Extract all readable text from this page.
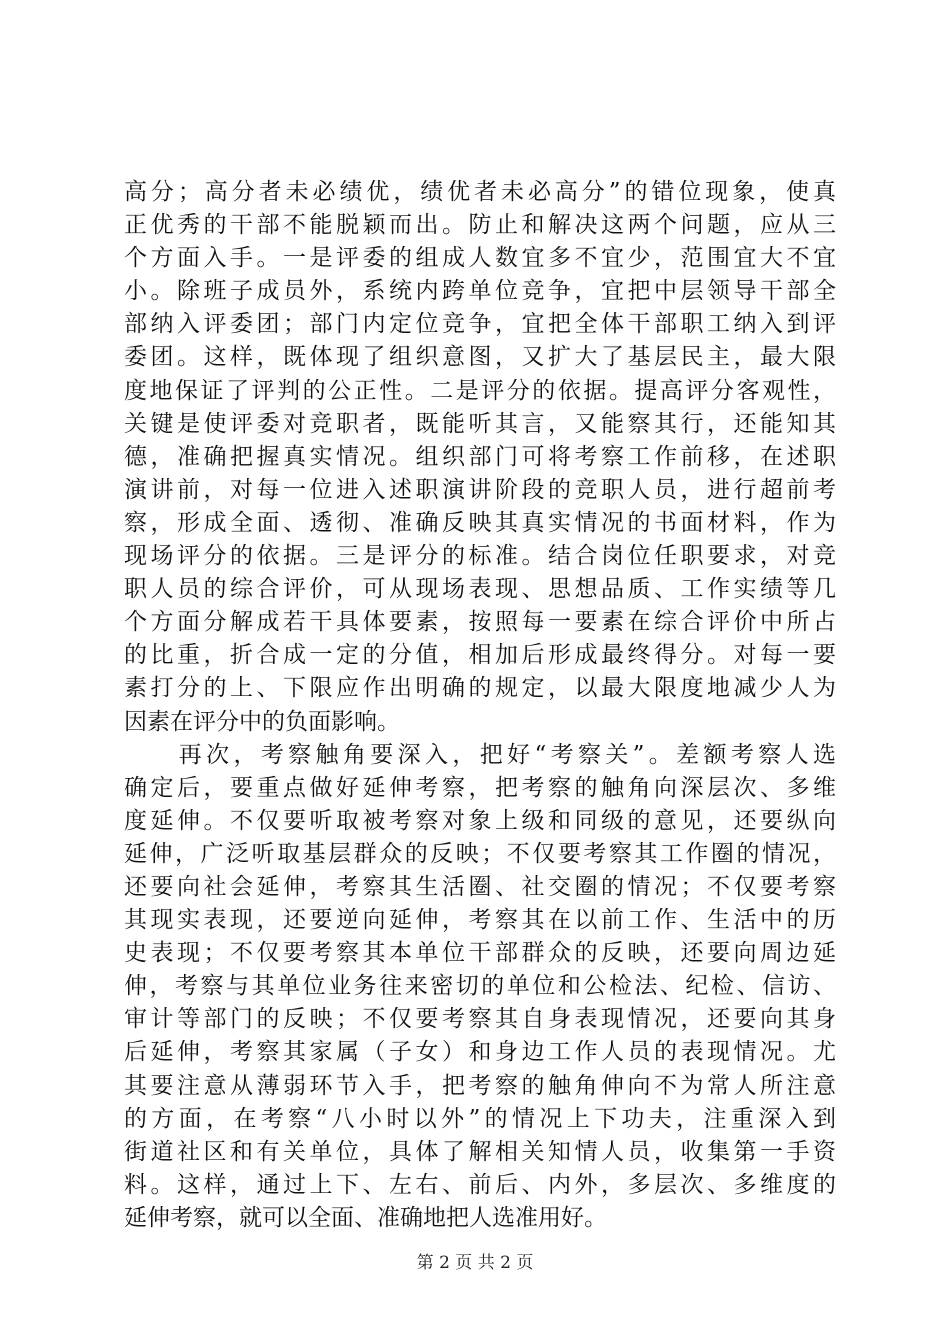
高分；高分者未必绩优，绩优者未必高分”的错位现象，使真
正优秀的干部不能脱颖而出。防止和解决这两个问题，应从三
个方面入手。一是评委的组成人数宜多不宜少，范围宜大不宜
小。除班子成员外，系统内跨单位竞争，宜把中层领导干部全
部纳入评委团；部门内定位竞争，宜把全体干部职工纳入到评
委团。这样，既体现了组织意图，又扩大了基层民主，最大限
度地保证了评判的公正性。二是评分的依据。提高评分客观性，
关键是使评委对竞职者，既能听其言，又能察其行，还能知其
德，准确把握真实情况。组织部门可将考察工作前移，在述职
演讲前，对每一位进入述职演讲阶段的竞职人员，进行超前考
察，形成全面、透彻、准确反映其真实情况的书面材料，作为
现场评分的依据。三是评分的标准。结合岗位任职要求，对竞
职人员的综合评价，可从现场表现、思想品质、工作实绩等几
个方面分解成若干具体要素，按照每一要素在综合评价中所占
的比重，折合成一定的分值，相加后形成最终得分。对每一要
素打分的上、下限应作出明确的规定，以最大限度地减少人为
因素在评分中的负面影响。
　　再次，考察触角要深入，把好“考察关”。差额考察人选
确定后，要重点做好延伸考察，把考察的触角向深层次、多维
度延伸。不仅要听取被考察对象上级和同级的意见，还要纵向
延伸，广泛听取基层群众的反映；不仅要考察其工作圈的情况，
还要向社会延伸，考察其生活圈、社交圈的情况；不仅要考察
其现实表现，还要逆向延伸，考察其在以前工作、生活中的历
史表现；不仅要考察其本单位干部群众的反映，还要向周边延
伸，考察与其单位业务往来密切的单位和公检法、纪检、信访、
审计等部门的反映；不仅要考察其自身表现情况，还要向其身
后延伸，考察其家属（子女）和身边工作人员的表现情况。尤
其要注意从薄弱环节入手，把考察的触角伸向不为常人所注意
的方面，在考察“八小时以外”的情况上下功夫，注重深入到
街道社区和有关单位，具体了解相关知情人员，收集第一手资
料。这样，通过上下、左右、前后、内外，多层次、多维度的
延伸考察，就可以全面、准确地把人选准用好。
第 2 页 共 2 页
